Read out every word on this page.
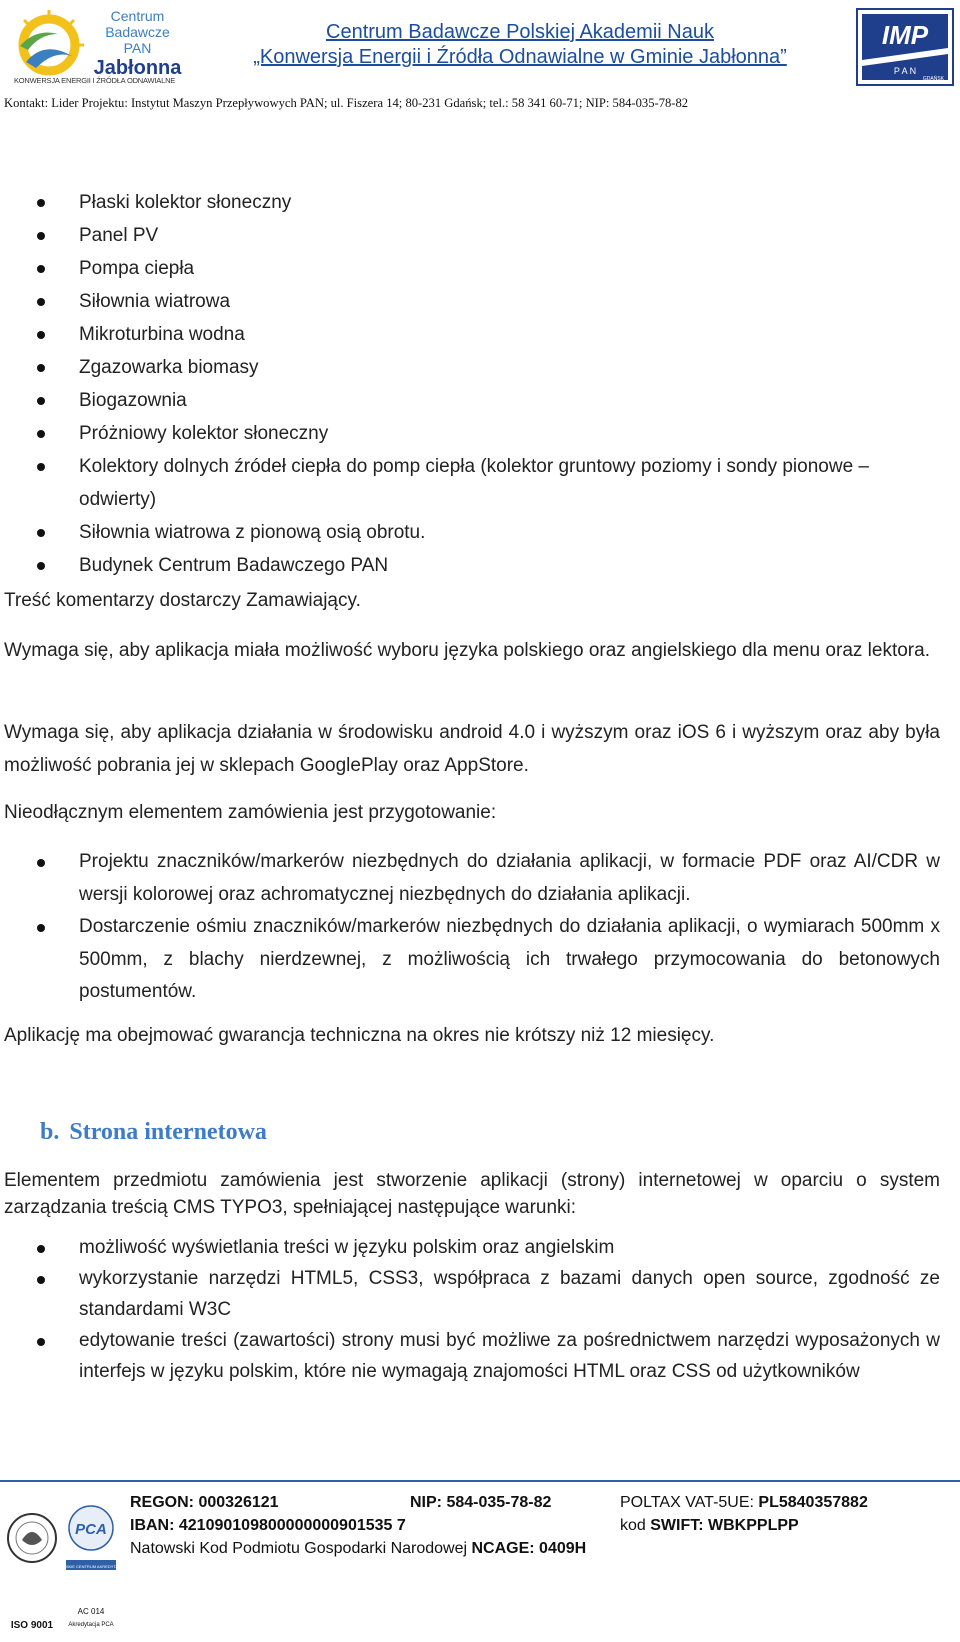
Centrum
Badawcze
PAN
Jabłonna
KONWERSJA ENERGII I ŹRÓDŁA ODNAWIALNE
Centrum Badawcze Polskiej Akademii Nauk
„Konwersja Energii i Źródła Odnawialne w Gminie Jabłonna”
IMP
P A N
GDAŃSK
Kontakt: Lider Projektu: Instytut Maszyn Przepływowych PAN; ul. Fiszera 14; 80-231 Gdańsk; tel.: 58 341 60-71; NIP: 584-035-78-82
Płaski kolektor słoneczny
Panel PV
Pompa ciepła
Siłownia wiatrowa
Mikroturbina wodna
Zgazowarka biomasy
Biogazownia
Próżniowy kolektor słoneczny
Kolektory dolnych źródeł ciepła do pomp ciepła (kolektor gruntowy poziomy i sondy pionowe – odwierty)
Siłownia wiatrowa z pionową osią obrotu.
Budynek Centrum Badawczego PAN

Treść komentarzy dostarczy Zamawiający.

Wymaga się, aby aplikacja miała możliwość wyboru języka polskiego oraz angielskiego dla menu oraz lektora.

Wymaga się, aby aplikacja działania w środowisku android 4.0 i wyższym oraz iOS 6 i wyższym oraz aby była możliwość pobrania jej w sklepach GooglePlay oraz AppStore.

Nieodłącznym elementem zamówienia jest przygotowanie:

Projektu znaczników/markerów niezbędnych do działania aplikacji, w formacie PDF oraz AI/CDR w wersji kolorowej oraz achromatycznej niezbędnych do działania aplikacji.
Dostarczenie ośmiu znaczników/markerów niezbędnych do działania aplikacji, o wymiarach 500mm x 500mm, z blachy nierdzewnej, z możliwością ich trwałego przymocowania do betonowych postumentów.

Aplikację ma obejmować gwarancja techniczna na okres nie krótszy niż 12 miesięcy.

b. Strona internetowa

Elementem przedmiotu zamówienia jest stworzenie aplikacji (strony) internetowej w oparciu o system zarządzania treścią CMS TYPO3, spełniającej następujące warunki:

możliwość wyświetlania treści w języku polskim oraz angielskim
wykorzystanie narzędzi HTML5, CSS3, współpraca z bazami danych open source, zgodność ze standardami W3C
edytowanie treści (zawartości) strony musi być możliwe za pośrednictwem narzędzi wyposażonych w interfejs w języku polskim, które nie wymagają znajomości HTML oraz CSS od użytkowników
ISO 9001
PCA
POLSKIE CENTRUM AKREDYTACJI
AC 014
Akredytacja PCA
REGON: 000326121	NIP: 584-035-78-82	POLTAX VAT-5UE: PL5840357882
IBAN: 421090109800000000901535 7	kod SWIFT: WBKPPLPP
Natowski Kod Podmiotu Gospodarki Narodowej NCAGE: 0409H
